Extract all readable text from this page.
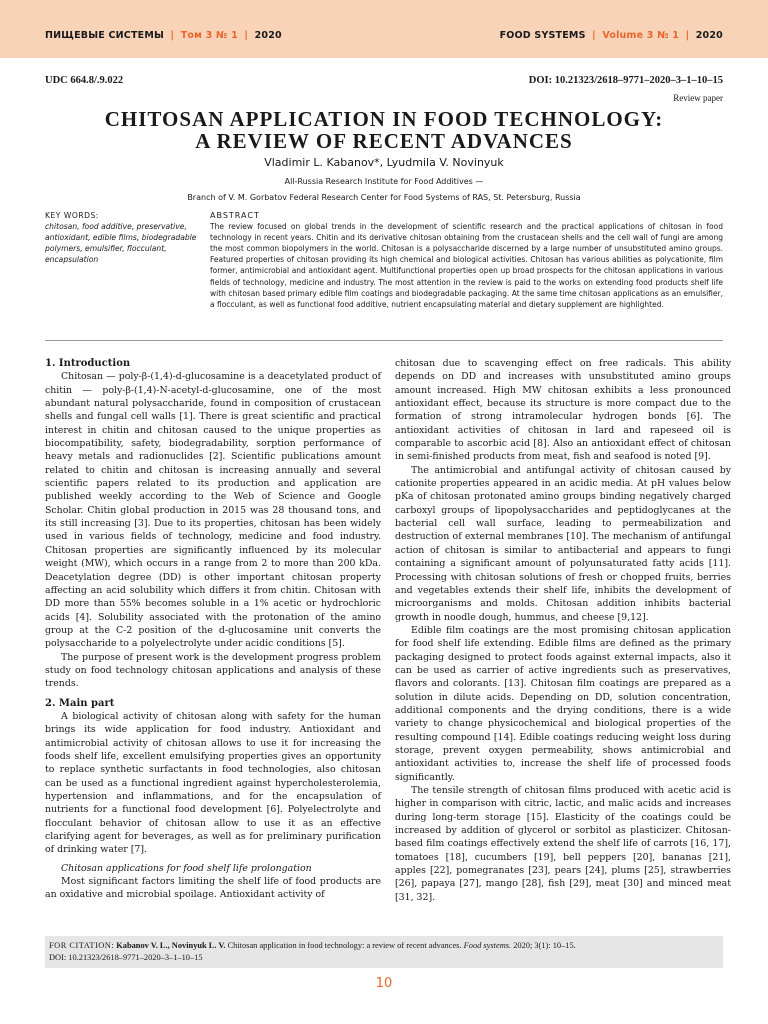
ПИЩЕВЫЕ СИСТЕМЫ | Том 3 № 1 | 2020	FOOD SYSTEMS | Volume 3 № 1 | 2020
UDC 664.8/.9.022	DOI: 10.21323/2618–9771–2020–3–1–10–15
Review paper
CHITOSAN APPLICATION IN FOOD TECHNOLOGY:
A REVIEW OF RECENT ADVANCES
Vladimir L. Kabanov*, Lyudmila V. Novinyuk
All-Russia Research Institute for Food Additives —
Branch of V. M. Gorbatov Federal Research Center for Food Systems of RAS, St. Petersburg, Russia
KEY WORDS:
chitosan, food additive, preservative, antioxidant, edible films, biodegradable polymers, emulsifier, flocculant, encapsulation
ABSTRACT
The review focused on global trends in the development of scientific research and the practical applications of chitosan in food technology in recent years. Chitin and its derivative chitosan obtaining from the crustacean shells and the cell wall of fungi are among the most common biopolymers in the world. Chitosan is a polysaccharide discerned by a large number of unsubstituted amino groups. Featured properties of chitosan providing its high chemical and biological activities. Chitosan has various abilities as polycationite, film former, antimicrobial and antioxidant agent. Multifunctional properties open up broad prospects for the chitosan applications in various fields of technology, medicine and industry. The most attention in the review is paid to the works on extending food products shelf life with chitosan based primary edible film coatings and biodegradable packaging. At the same time chitosan applications as an emulsifier, a flocculant, as well as functional food additive, nutrient encapsulating material and dietary supplement are highlighted.
1. Introduction

Chitosan — poly-β-(1,4)-d-glucosamine is a deacetylated product of chitin — poly-β-(1,4)-N-acetyl-d-glucosamine, one of the most abundant natural polysaccharide, found in composition of crustacean shells and fungal cell walls [1]. There is great scientific and practical interest in chitin and chitosan caused to the unique properties as biocompatibility, safety, biodegradability, sorption performance of heavy metals and radionuclides [2]. Scientific publications amount related to chitin and chitosan is increasing annually and several scientific papers related to its production and application are published weekly according to the Web of Science and Google Scholar. Chitin global production in 2015 was 28 thousand tons, and its still increasing [3]. Due to its properties, chitosan has been widely used in various fields of technology, medicine and food industry. Chitosan properties are significantly influenced by its molecular weight (MW), which occurs in a range from 2 to more than 200 kDa. Deacetylation degree (DD) is other important chitosan property affecting an acid solubility which differs it from chitin. Chitosan with DD more than 55% becomes soluble in a 1% acetic or hydrochloric acids [4]. Solubility associated with the protonation of the amino group at the C-2 position of the d-glucosamine unit converts the polysaccharide to a polyelectrolyte under acidic conditions [5].

The purpose of present work is the development progress problem study on food technology chitosan applications and analysis of these trends.

2. Main part

A biological activity of chitosan along with safety for the human brings its wide application for food industry. Antioxidant and antimicrobial activity of chitosan allows to use it for increasing the foods shelf life, excellent emulsifying properties gives an opportunity to replace synthetic surfactants in food technologies, also chitosan can be used as a functional ingredient against hypercholesterolemia, hypertension and inflammations, and for the encapsulation of nutrients for a functional food development [6]. Polyelectrolyte and flocculant behavior of chitosan allow to use it as an effective clarifying agent for beverages, as well as for preliminary purification of drinking water [7].

Chitosan applications for food shelf life prolongation

Most significant factors limiting the shelf life of food products are an oxidative and microbial spoilage. Antioxidant activity of

chitosan due to scavenging effect on free radicals. This ability depends on DD and increases with unsubstituted amino groups amount increased. High MW chitosan exhibits a less pronounced antioxidant effect, because its structure is more compact due to the formation of strong intramolecular hydrogen bonds [6]. The antioxidant activities of chitosan in lard and rapeseed oil is comparable to ascorbic acid [8]. Also an antioxidant effect of chitosan in semi-finished products from meat, fish and seafood is noted [9].

The antimicrobial and antifungal activity of chitosan caused by cationite properties appeared in an acidic media. At pH values below pKa of chitosan protonated amino groups binding negatively charged carboxyl groups of lipopolysaccharides and peptidoglycanes at the bacterial cell wall surface, leading to permeabilization and destruction of external membranes [10]. The mechanism of antifungal action of chitosan is similar to antibacterial and appears to fungi containing a significant amount of polyunsaturated fatty acids [11]. Processing with chitosan solutions of fresh or chopped fruits, berries and vegetables extends their shelf life, inhibits the development of microorganisms and molds. Chitosan addition inhibits bacterial growth in noodle dough, hummus, and cheese [9,12].

Edible film coatings are the most promising chitosan application for food shelf life extending. Edible films are defined as the primary packaging designed to protect foods against external impacts, also it can be used as carrier of active ingredients such as preservatives, flavors and colorants. [13]. Chitosan film coatings are prepared as a solution in dilute acids. Depending on DD, solution concentration, additional components and the drying conditions, there is a wide variety to change physicochemical and biological properties of the resulting compound [14]. Edible coatings reducing weight loss during storage, prevent oxygen permeability, shows antimicrobial and antioxidant activities to, increase the shelf life of processed foods significantly.

The tensile strength of chitosan films produced with acetic acid is higher in comparison with citric, lactic, and malic acids and increases during long-term storage [15]. Elasticity of the coatings could be increased by addition of glycerol or sorbitol as plasticizer. Chitosan-based film coatings effectively extend the shelf life of carrots [16, 17], tomatoes [18], cucumbers [19], bell peppers [20], bananas [21], apples [22], pomegranates [23], pears [24], plums [25], strawberries [26], papaya [27], mango [28], fish [29], meat [30] and minced meat [31, 32].

FOR CITATION: Kabanov V. L., Novinyuk L. V. Chitosan application in food technology: a review of recent advances. Food systems. 2020; 3(1): 10–15.
DOI: 10.21323/2618–9771–2020–3–1–10–15
10
